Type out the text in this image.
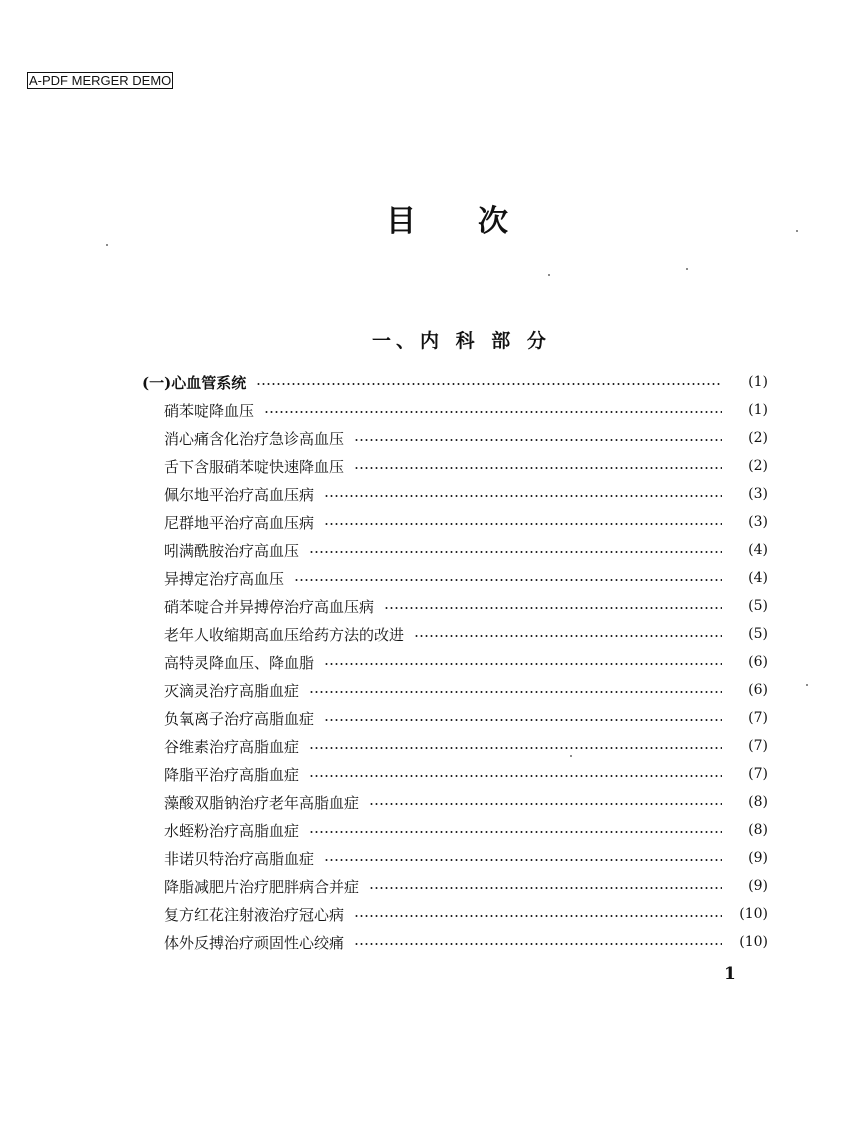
A-PDF MERGER DEMO
目次
一、内 科 部 分
(一)心血管系统	(1)
硝苯啶降血压	(1)
消心痛含化治疗急诊高血压	(2)
舌下含服硝苯啶快速降血压	(2)
佩尔地平治疗高血压病	(3)
尼群地平治疗高血压病	(3)
吲满酰胺治疗高血压	(4)
异搏定治疗高血压	(4)
硝苯啶合并异搏停治疗高血压病	(5)
老年人收缩期高血压给药方法的改进	(5)
高特灵降血压、降血脂	(6)
灭滴灵治疗高脂血症	(6)
负氧离子治疗高脂血症	(7)
谷维素治疗高脂血症	(7)
降脂平治疗高脂血症	(7)
藻酸双脂钠治疗老年高脂血症	(8)
水蛭粉治疗高脂血症	(8)
非诺贝特治疗高脂血症	(9)
降脂减肥片治疗肥胖病合并症	(9)
复方红花注射液治疗冠心病	(10)
体外反搏治疗顽固性心绞痛	(10)
1
